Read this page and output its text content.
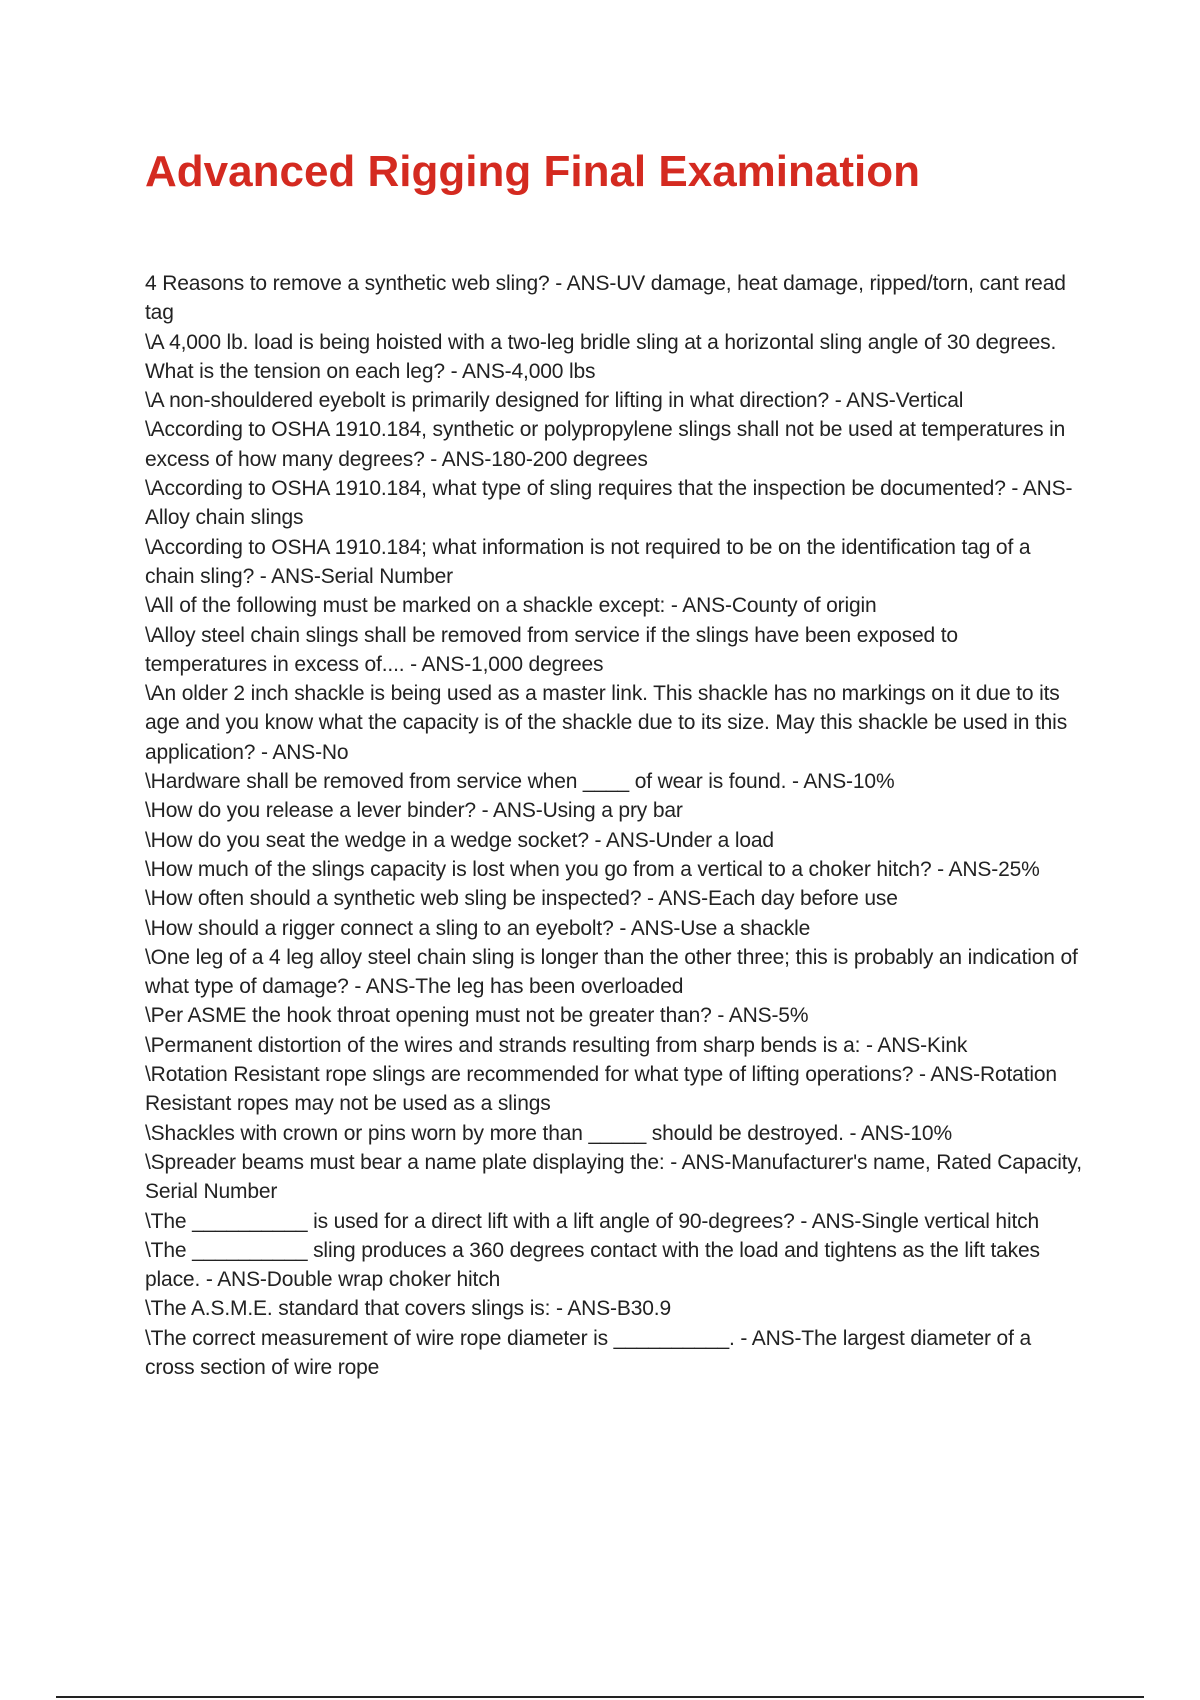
Advanced Rigging Final Examination

4 Reasons to remove a synthetic web sling? - ANS-UV damage, heat damage, ripped/torn, cant read tag

\A 4,000 lb. load is being hoisted with a two-leg bridle sling at a horizontal sling angle of 30 degrees. What is the tension on each leg? - ANS-4,000 lbs

\A non-shouldered eyebolt is primarily designed for lifting in what direction? - ANS-Vertical

\According to OSHA 1910.184, synthetic or polypropylene slings shall not be used at temperatures in excess of how many degrees? - ANS-180-200 degrees

\According to OSHA 1910.184, what type of sling requires that the inspection be documented? - ANS-Alloy chain slings

\According to OSHA 1910.184; what information is not required to be on the identification tag of a chain sling? - ANS-Serial Number

\All of the following must be marked on a shackle except: - ANS-County of origin

\Alloy steel chain slings shall be removed from service if the slings have been exposed to temperatures in excess of.... - ANS-1,000 degrees

\An older 2 inch shackle is being used as a master link. This shackle has no markings on it due to its age and you know what the capacity is of the shackle due to its size. May this shackle be used in this application? - ANS-No

\Hardware shall be removed from service when ____ of wear is found. - ANS-10%

\How do you release a lever binder? - ANS-Using a pry bar

\How do you seat the wedge in a wedge socket? - ANS-Under a load

\How much of the slings capacity is lost when you go from a vertical to a choker hitch? - ANS-25%

\How often should a synthetic web sling be inspected? - ANS-Each day before use

\How should a rigger connect a sling to an eyebolt? - ANS-Use a shackle

\One leg of a 4 leg alloy steel chain sling is longer than the other three; this is probably an indication of what type of damage? - ANS-The leg has been overloaded

\Per ASME the hook throat opening must not be greater than? - ANS-5%

\Permanent distortion of the wires and strands resulting from sharp bends is a: - ANS-Kink

\Rotation Resistant rope slings are recommended for what type of lifting operations? - ANS-Rotation Resistant ropes may not be used as a slings

\Shackles with crown or pins worn by more than _____ should be destroyed. - ANS-10%

\Spreader beams must bear a name plate displaying the: - ANS-Manufacturer's name, Rated Capacity, Serial Number

\The __________ is used for a direct lift with a lift angle of 90-degrees? - ANS-Single vertical hitch

\The __________ sling produces a 360 degrees contact with the load and tightens as the lift takes place. - ANS-Double wrap choker hitch

\The A.S.M.E. standard that covers slings is: - ANS-B30.9

\The correct measurement of wire rope diameter is __________. - ANS-The largest diameter of a cross section of wire rope
